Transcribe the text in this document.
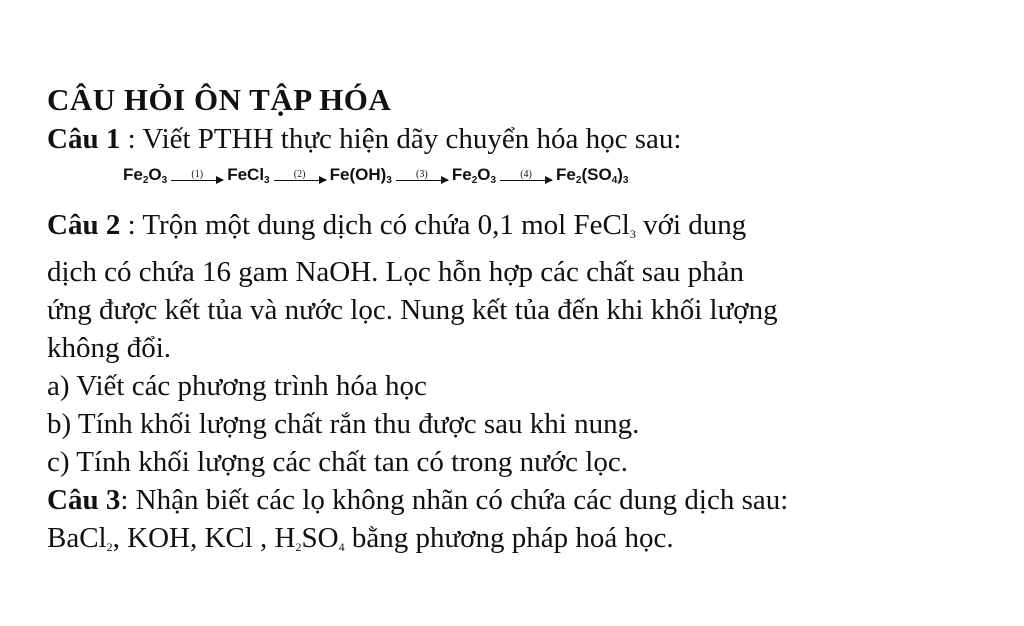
CÂU HỎI ÔN TẬP HÓA
Câu 1 : Viết PTHH thực hiện dãy chuyển hóa học sau:
$Fe_2O_3$
(1) FeCl$_3$
(2) $Fe(OH)_3$
(3) $Fe_2O_3$
(4) $Fe_2(SO_4)_3$
Câu 2 : Trộn một dung dịch có chứa 0,1 mol FeCl$_3$ với dung
dịch có chứa 16 gam NaOH. Lọc hỗn hợp các chất sau phản
ứng được kết tủa và nước lọc. Nung kết tủa đến khi khối lượng
không đổi.
a) Viết các phương trình hóa học
b) Tính khối lượng chất rắn thu được sau khi nung.
c) Tính khối lượng các chất tan có trong nước lọc.
Câu 3: Nhận biết các lọ không nhãn có chứa các dung dịch sau:
BaCl$_2$, KOH, KCl , $H_2SO_4$ bằng phương pháp hoá học.
